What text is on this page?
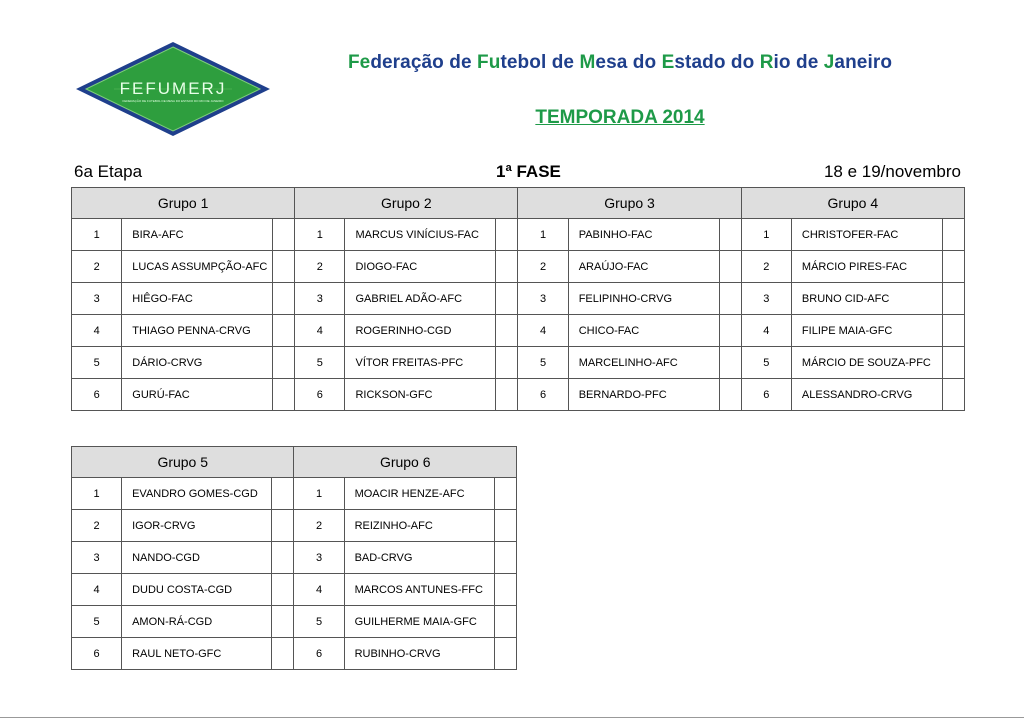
FEFUMERJ
FEDERAÇÃO DE FUTEBOL DE MESA DO ESTADO DO RIO DE JANEIRO
Federação de Futebol de Mesa do Estado do Rio de Janeiro
TEMPORADA 2014
6a Etapa	1ª FASE	18 e 19/novembro
Grupo 1			Grupo 2			Grupo 3			Grupo 4		
1	BIRA-AFC		1	MARCUS VINÍCIUS-FAC		1	PABINHO-FAC		1	CHRISTOFER-FAC	
2	LUCAS ASSUMPÇÃO-AFC		2	DIOGO-FAC		2	ARAÚJO-FAC		2	MÁRCIO PIRES-FAC	
3	HIÊGO-FAC		3	GABRIEL ADÃO-AFC		3	FELIPINHO-CRVG		3	BRUNO CID-AFC	
4	THIAGO PENNA-CRVG		4	ROGERINHO-CGD		4	CHICO-FAC		4	FILIPE MAIA-GFC	
5	DÁRIO-CRVG		5	VÍTOR FREITAS-PFC		5	MARCELINHO-AFC		5	MÁRCIO DE SOUZA-PFC	
6	GURÚ-FAC		6	RICKSON-GFC		6	BERNARDO-PFC		6	ALESSANDRO-CRVG	
Grupo 5			Grupo 6		
1	EVANDRO GOMES-CGD		1	MOACIR HENZE-AFC	
2	IGOR-CRVG		2	REIZINHO-AFC	
3	NANDO-CGD		3	BAD-CRVG	
4	DUDU COSTA-CGD		4	MARCOS ANTUNES-FFC	
5	AMON-RÁ-CGD		5	GUILHERME MAIA-GFC	
6	RAUL NETO-GFC		6	RUBINHO-CRVG	
